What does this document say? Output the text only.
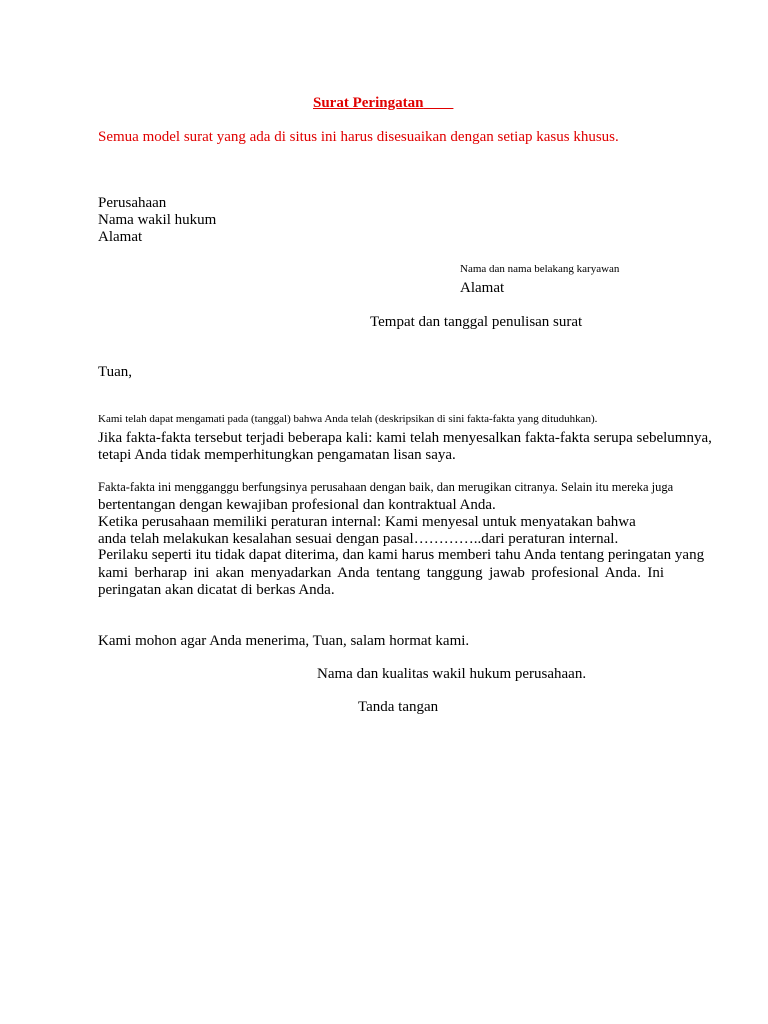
Surat Peringatan
Semua model surat yang ada di situs ini harus disesuaikan dengan setiap kasus khusus.
Perusahaan
Nama wakil hukum
Alamat
Nama dan nama belakang karyawan
Alamat
Tempat dan tanggal penulisan surat
Tuan,
Kami telah dapat mengamati pada (tanggal) bahwa Anda telah (deskripsikan di sini fakta-fakta yang dituduhkan).
Jika fakta-fakta tersebut terjadi beberapa kali: kami telah menyesalkan fakta-fakta serupa sebelumnya,
tetapi Anda tidak memperhitungkan pengamatan lisan saya.
Fakta-fakta ini mengganggu berfungsinya perusahaan dengan baik, dan merugikan citranya. Selain itu mereka juga
bertentangan dengan kewajiban profesional dan kontraktual Anda.
Ketika perusahaan memiliki peraturan internal: Kami menyesal untuk menyatakan bahwa
anda telah melakukan kesalahan sesuai dengan pasal…………..dari peraturan internal.
Perilaku seperti itu tidak dapat diterima, dan kami harus memberi tahu Anda tentang peringatan yang
kami berharap ini akan menyadarkan Anda tentang tanggung jawab profesional Anda. Ini
peringatan akan dicatat di berkas Anda.
Kami mohon agar Anda menerima, Tuan, salam hormat kami.
Nama dan kualitas wakil hukum perusahaan.
Tanda tangan
